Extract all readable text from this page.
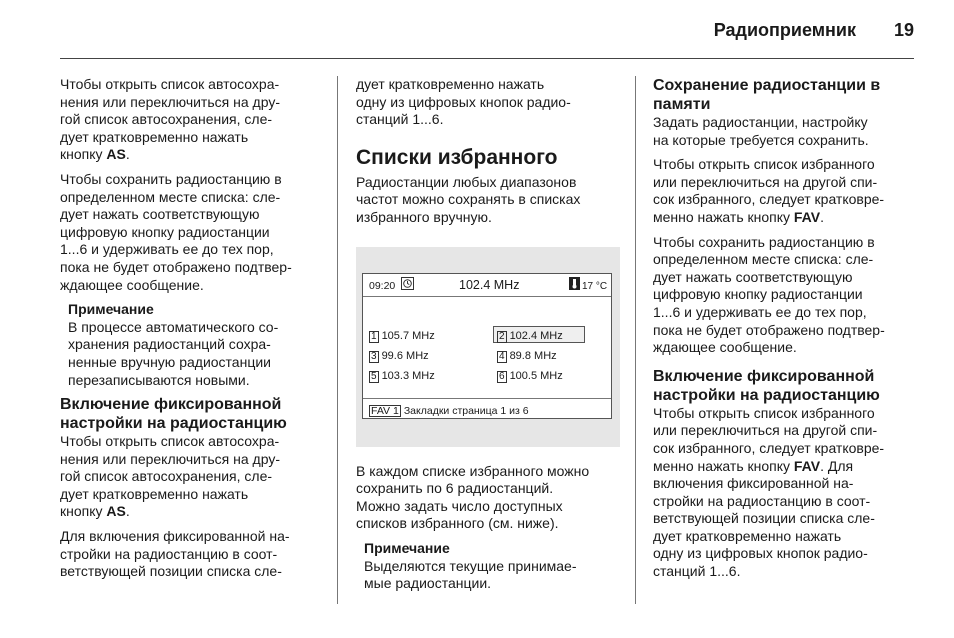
Радиоприемник 19
Чтобы открыть список автосохра-
нения или переключиться на дру-
гой список автосохранения, сле-
дует кратковременно нажать
кнопку AS.
Чтобы сохранить радиостанцию в
определенном месте списка: сле-
дует нажать соответствующую
цифровую кнопку радиостанции
1...6 и удерживать ее до тех пор,
пока не будет отображено подтвер-
ждающее сообщение.
Примечание
В процессе автоматического со-
хранения радиостанций сохра-
ненные вручную радиостанции
перезаписываются новыми.
Включение фиксированной
настройки на радиостанцию
Чтобы открыть список автосохра-
нения или переключиться на дру-
гой список автосохранения, сле-
дует кратковременно нажать
кнопку AS.
Для включения фиксированной на-
стройки на радиостанцию в соот-
ветствующей позиции списка сле-
дует кратковременно нажать
одну из цифровых кнопок радио-
станций 1...6.
Списки избранного
Радиостанции любых диапазонов
частот можно сохранять в списках
избранного вручную.
09:20	102.4 MHz	17 °C
1 105.7 MHz	2 102.4 MHz
3 99.6 MHz	4 89.8 MHz
5 103.3 MHz	6 100.5 MHz
FAV 1 Закладки страница 1 из 6
В каждом списке избранного можно
сохранить по 6 радиостанций.
Можно задать число доступных
списков избранного (см. ниже).
Примечание
Выделяются текущие принимае-
мые радиостанции.
Сохранение радиостанции в
памяти
Задать радиостанции, настройку
на которые требуется сохранить.
Чтобы открыть список избранного
или переключиться на другой спи-
сок избранного, следует кратковре-
менно нажать кнопку FAV.
Чтобы сохранить радиостанцию в
определенном месте списка: сле-
дует нажать соответствующую
цифровую кнопку радиостанции
1...6 и удерживать ее до тех пор,
пока не будет отображено подтвер-
ждающее сообщение.
Включение фиксированной
настройки на радиостанцию
Чтобы открыть список избранного
или переключиться на другой спи-
сок избранного, следует кратковре-
менно нажать кнопку FAV. Для
включения фиксированной на-
стройки на радиостанцию в соот-
ветствующей позиции списка сле-
дует кратковременно нажать
одну из цифровых кнопок радио-
станций 1...6.
